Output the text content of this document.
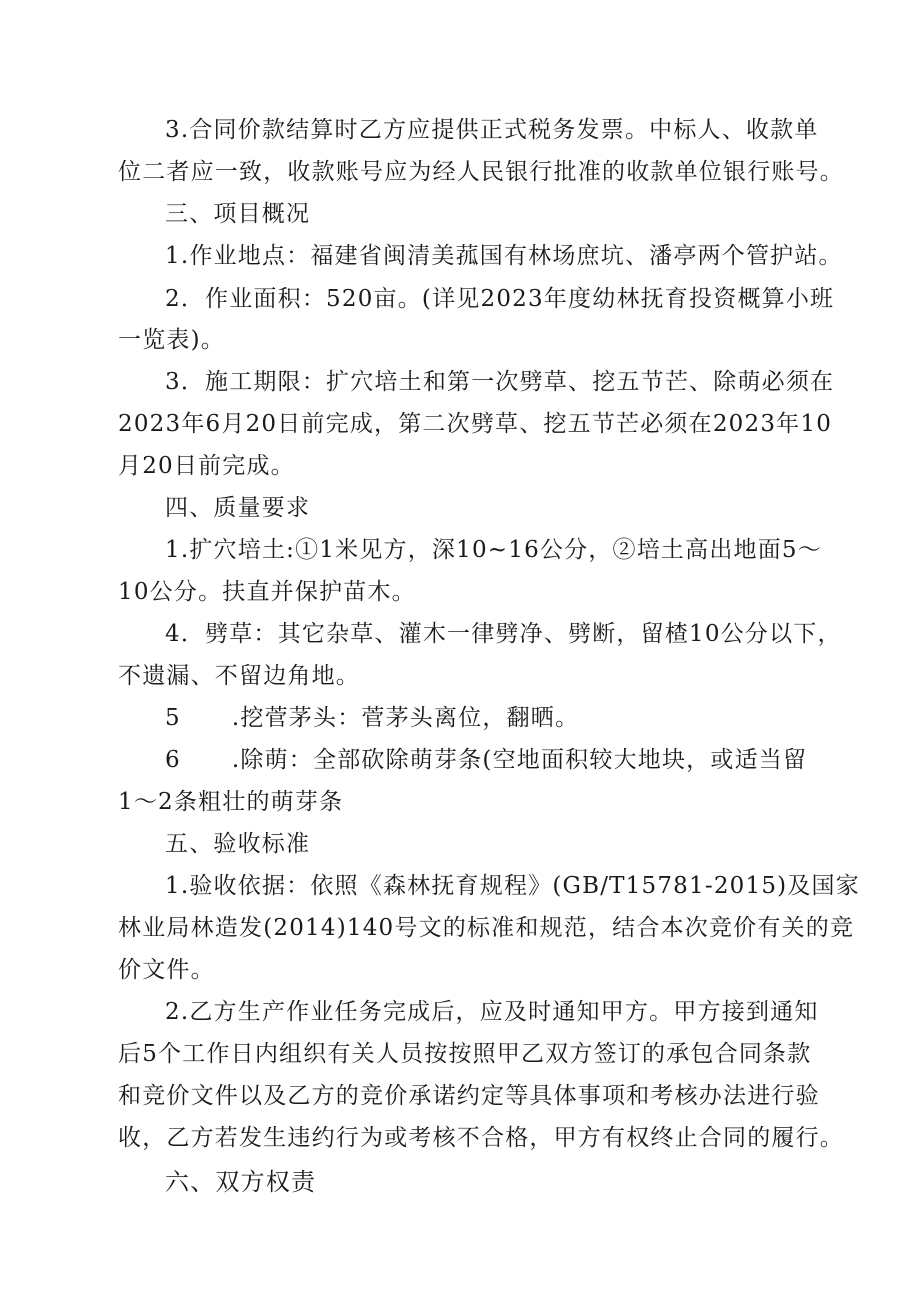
3.合同价款结算时乙方应提供正式税务发票。中标人、收款单
位二者应一致，收款账号应为经人民银行批准的收款单位银行账号。
三、项目概况
1.作业地点：福建省闽清美菰国有林场庶坑、潘亭两个管护站。
2．作业面积：520亩。(详见2023年度幼林抚育投资概算小班
一览表)。
3．施工期限：扩穴培土和第一次劈草、挖五节芒、除萌必须在
2023年6月20日前完成，第二次劈草、挖五节芒必须在2023年10
月20日前完成。
四、质量要求
1.扩穴培土:①1米见方，深10~16公分，②培土高出地面5～
10公分。扶直并保护苗木。
4．劈草：其它杂草、灌木一律劈净、劈断，留楂10公分以下，
不遗漏、不留边角地。
5      .挖菅茅头：菅茅头离位，翻晒。
6      .除萌：全部砍除萌芽条(空地面积较大地块，或适当留
1～2条粗壮的萌芽条
五、验收标准
1.验收依据：依照《森林抚育规程》(GB/T15781-2015)及国家
林业局林造发(2014)140号文的标准和规范，结合本次竞价有关的竞
价文件。
2.乙方生产作业任务完成后，应及时通知甲方。甲方接到通知
后5个工作日内组织有关人员按按照甲乙双方签订的承包合同条款
和竞价文件以及乙方的竞价承诺约定等具体事项和考核办法进行验
收，乙方若发生违约行为或考核不合格，甲方有权终止合同的履行。
六、双方权责
